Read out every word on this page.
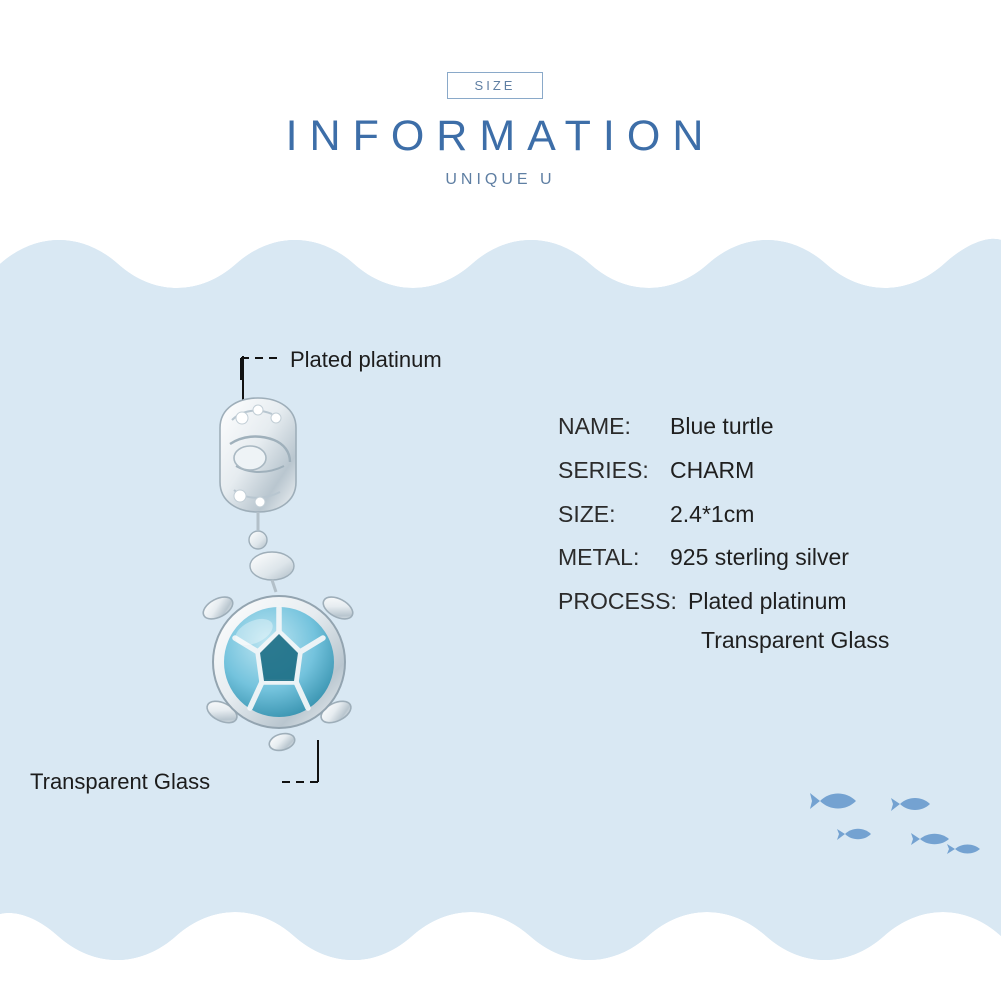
SIZE
INFORMATION
UNIQUE U
Plated platinum
Transparent Glass
NAME:	Blue turtle
SERIES: CHARM
SIZE:	2.4*1cm
METAL:	925 sterling silver
PROCESS: Plated platinum
Transparent Glass
